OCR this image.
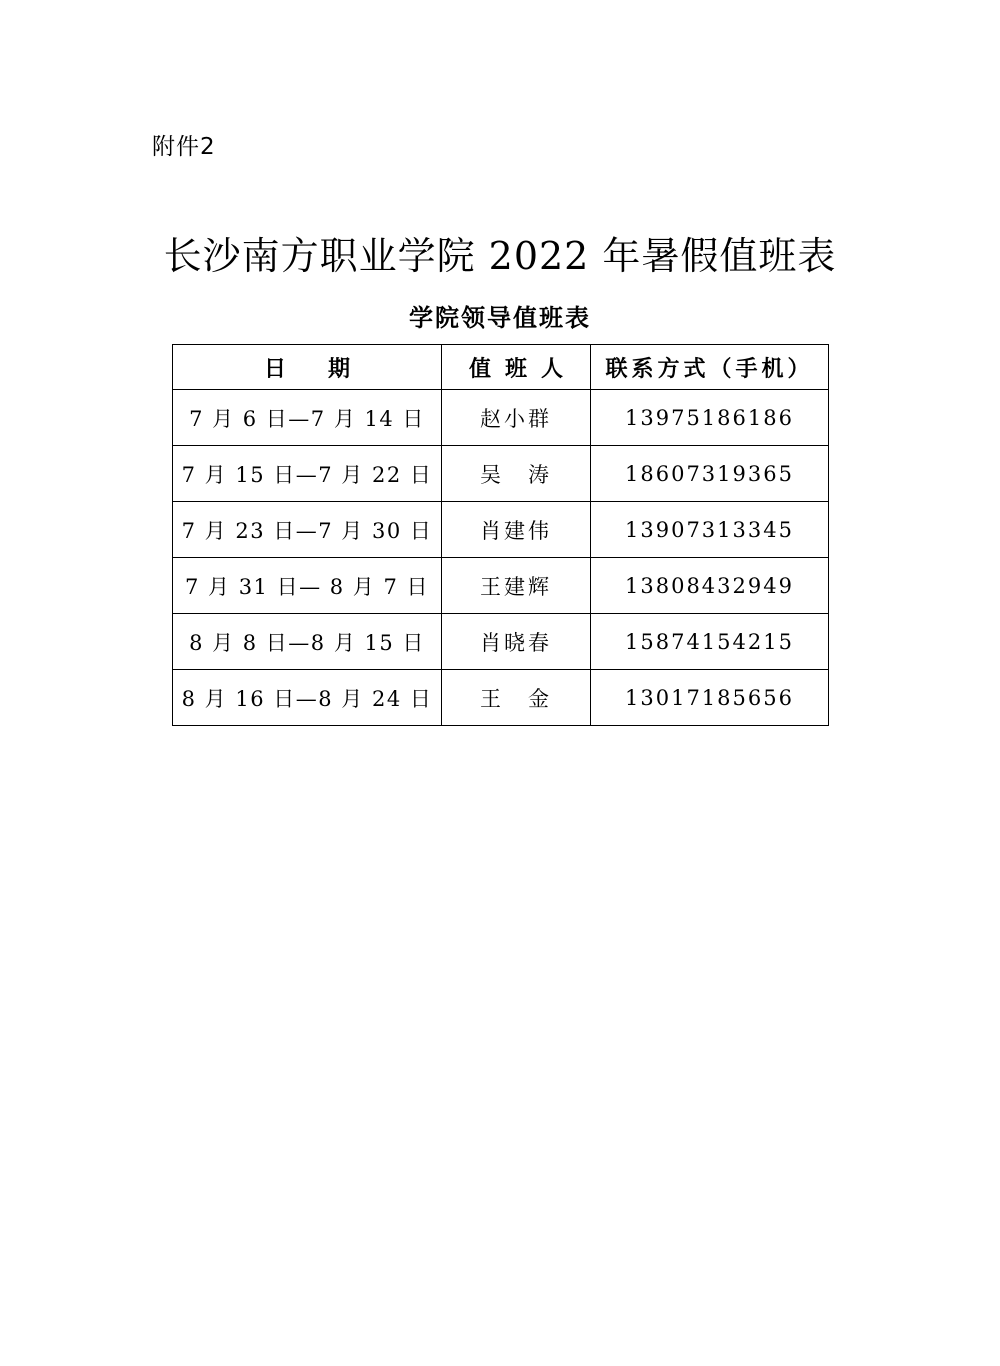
附件2
长沙南方职业学院 2022 年暑假值班表
学院领导值班表
日期	值班人	联系方式（手机）
7 月 6 日—7 月 14 日	赵小群	13975186186
7 月 15 日—7 月 22 日	吴　涛	18607319365
7 月 23 日—7 月 30 日	肖建伟	13907313345
7 月 31 日— 8 月 7 日	王建辉	13808432949
8 月 8 日—8 月 15 日	肖晓春	15874154215
8 月 16 日—8 月 24 日	王　金	13017185656
